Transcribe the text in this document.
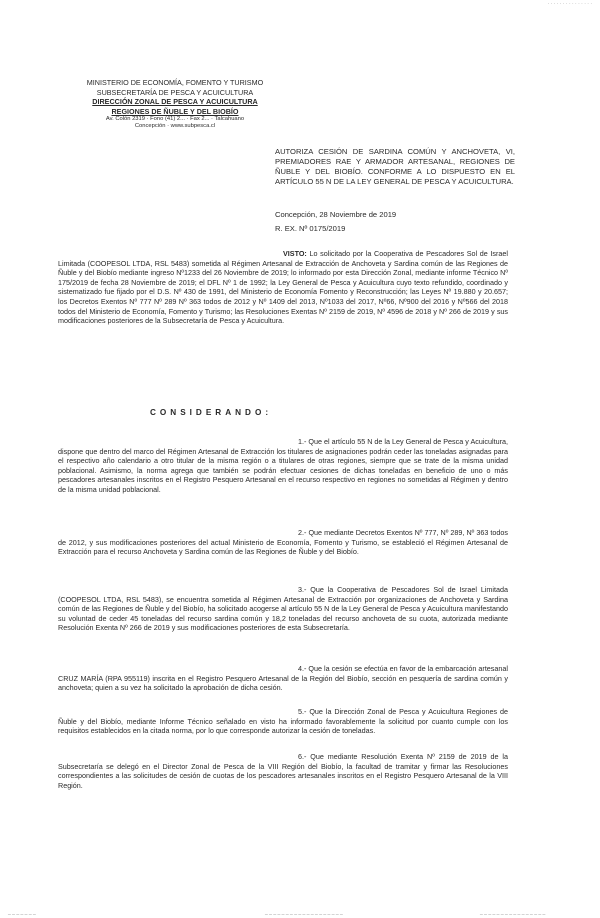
· · · · · · · · · · · · · · ·
MINISTERIO DE ECONOMÍA, FOMENTO Y TURISMO
SUBSECRETARÍA DE PESCA Y ACUICULTURA
DIRECCIÓN ZONAL DE PESCA Y ACUICULTURA
REGIONES DE ÑUBLE Y DEL BIOBÍO
Av. Colón 2319 · Fono (41) 2... · Fax 2... · Talcahuano
Concepción · www.subpesca.cl
AUTORIZA CESIÓN DE SARDINA COMÚN Y ANCHOVETA, VI, PREMIADORES RAE Y ARMADOR ARTESANAL, REGIONES DE ÑUBLE Y DEL BIOBÍO. CONFORME A LO DISPUESTO EN EL ARTÍCULO 55 N DE LA LEY GENERAL DE PESCA Y ACUICULTURA.
Concepción, 28 Noviembre de 2019
R. EX. Nº 0175/2019
VISTO: Lo solicitado por la Cooperativa de Pescadores Sol de Israel Limitada (COOPESOL LTDA, RSL 5483) sometida al Régimen Artesanal de Extracción de Anchoveta y Sardina común de las Regiones de Ñuble y del Biobío mediante ingreso Nº1233 del 26 Noviembre de 2019; lo informado por esta Dirección Zonal, mediante informe Técnico Nº 175/2019 de fecha 28 Noviembre de 2019; el DFL Nº 1 de 1992; la Ley General de Pesca y Acuicultura cuyo texto refundido, coordinado y sistematizado fue fijado por el D.S. Nº 430 de 1991, del Ministerio de Economía Fomento y Reconstrucción; las Leyes Nº 19.880 y 20.657; los Decretos Exentos Nº 777 Nº 289 Nº 363 todos de 2012 y Nº 1409 del 2013, Nº1033 del 2017, Nº66, Nº900 del 2016 y Nº566 del 2018 todos del Ministerio de Economía, Fomento y Turismo; las Resoluciones Exentas Nº 2159 de 2019, Nº 4596 de 2018 y Nº 266 de 2019 y sus modificaciones posteriores de la Subsecretaría de Pesca y Acuicultura.
CONSIDERANDO:
1.- Que el artículo 55 N de la Ley General de Pesca y Acuicultura, dispone que dentro del marco del Régimen Artesanal de Extracción los titulares de asignaciones podrán ceder las toneladas asignadas para el respectivo año calendario a otro titular de la misma región o a titulares de otras regiones, siempre que se trate de la misma unidad poblacional. Asimismo, la norma agrega que también se podrán efectuar cesiones de dichas toneladas en beneficio de uno o más pescadores artesanales inscritos en el Registro Pesquero Artesanal en el recurso respectivo en regiones no sometidas al Régimen y dentro de la misma unidad poblacional.
2.- Que mediante Decretos Exentos Nº 777, Nº 289, Nº 363 todos de 2012, y sus modificaciones posteriores del actual Ministerio de Economía, Fomento y Turismo, se estableció el Régimen Artesanal de Extracción para el recurso Anchoveta y Sardina común de las Regiones de Ñuble y del Biobío.
3.- Que la Cooperativa de Pescadores Sol de Israel Limitada (COOPESOL LTDA, RSL 5483), se encuentra sometida al Régimen Artesanal de Extracción por organizaciones de Anchoveta y Sardina común de las Regiones de Ñuble y del Biobío, ha solicitado acogerse al artículo 55 N de la Ley General de Pesca y Acuicultura manifestando su voluntad de ceder 45 toneladas del recurso sardina común y 18,2 toneladas del recurso anchoveta de su cuota, autorizada mediante Resolución Exenta Nº 266 de 2019 y sus modificaciones posteriores de esta Subsecretaría.
4.- Que la cesión se efectúa en favor de la embarcación artesanal CRUZ MARÍA (RPA 955119) inscrita en el Registro Pesquero Artesanal de la Región del Biobío, sección en pesquería de sardina común y anchoveta; quien a su vez ha solicitado la aprobación de dicha cesión.
5.- Que la Dirección Zonal de Pesca y Acuicultura Regiones de Ñuble y del Biobío, mediante Informe Técnico señalado en visto ha informado favorablemente la solicitud por cuanto cumple con los requisitos establecidos en la citada norma, por lo que corresponde autorizar la cesión de toneladas.
6.- Que mediante Resolución Exenta Nº 2159 de 2019 de la Subsecretaría se delegó en el Director Zonal de Pesca de la VIII Región del Biobío, la facultad de tramitar y firmar las Resoluciones correspondientes a las solicitudes de cesión de cuotas de los pescadores artesanales inscritos en el Registro Pesquero Artesanal de la VIII Región.
_ _ _ _ _ _ _	_ _ _ _ _ _ _ _ _ _ _ _ _ _ _ _ _ _ _	_ _ _ _ _ _ _ _ _ _ _ _ _ _ _ _
